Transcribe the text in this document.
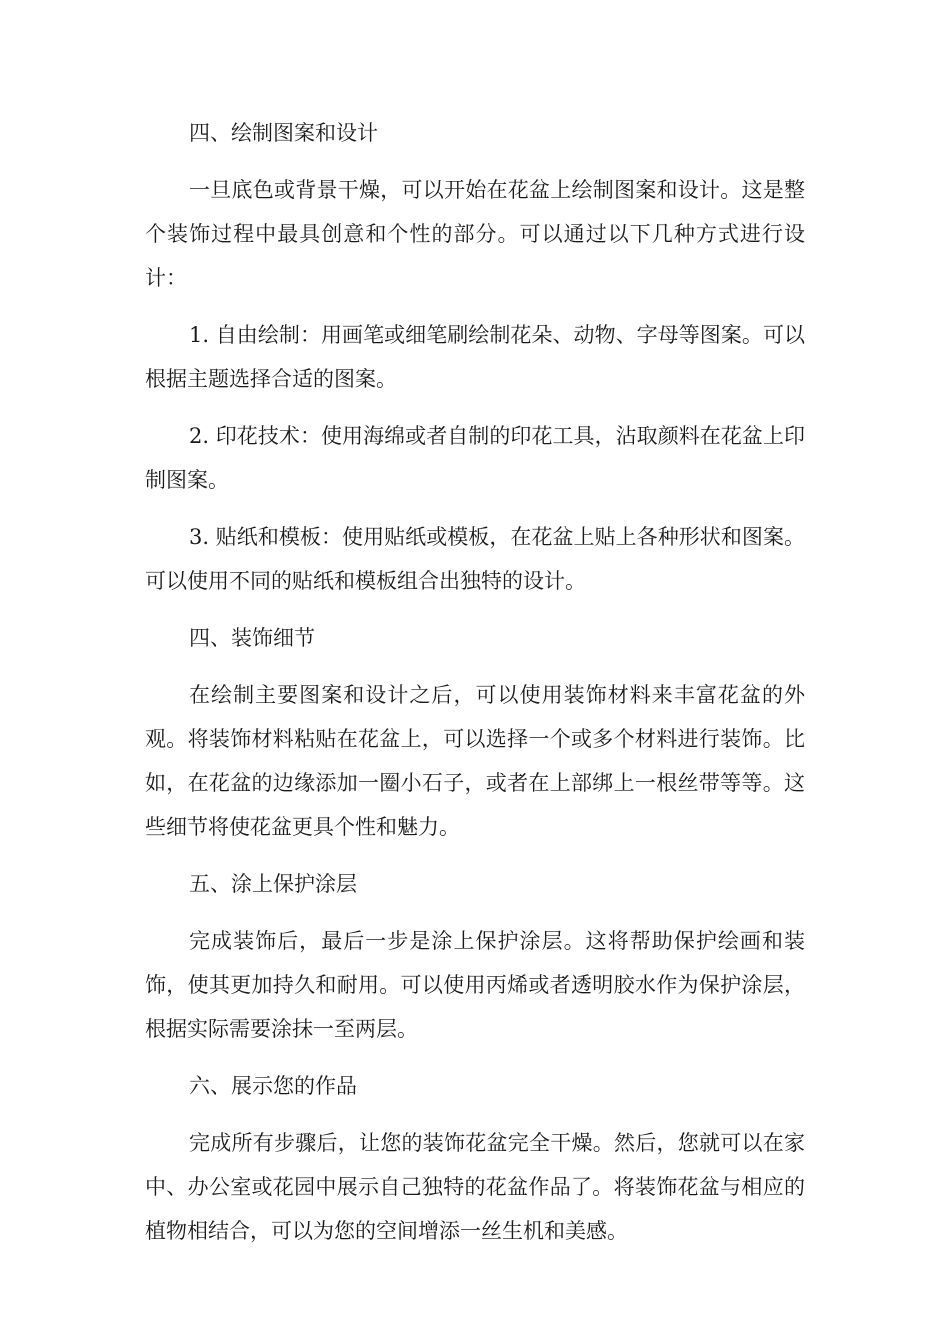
四、绘制图案和设计

一旦底色或背景干燥，可以开始在花盆上绘制图案和设计。这是整个装饰过程中最具创意和个性的部分。可以通过以下几种方式进行设计：

1. 自由绘制：用画笔或细笔刷绘制花朵、动物、字母等图案。可以根据主题选择合适的图案。

2. 印花技术：使用海绵或者自制的印花工具，沾取颜料在花盆上印制图案。

3. 贴纸和模板：使用贴纸或模板，在花盆上贴上各种形状和图案。可以使用不同的贴纸和模板组合出独特的设计。

四、装饰细节

在绘制主要图案和设计之后，可以使用装饰材料来丰富花盆的外观。将装饰材料粘贴在花盆上，可以选择一个或多个材料进行装饰。比如，在花盆的边缘添加一圈小石子，或者在上部绑上一根丝带等等。这些细节将使花盆更具个性和魅力。

五、涂上保护涂层

完成装饰后，最后一步是涂上保护涂层。这将帮助保护绘画和装饰，使其更加持久和耐用。可以使用丙烯或者透明胶水作为保护涂层，根据实际需要涂抹一至两层。

六、展示您的作品

完成所有步骤后，让您的装饰花盆完全干燥。然后，您就可以在家中、办公室或花园中展示自己独特的花盆作品了。将装饰花盆与相应的植物相结合，可以为您的空间增添一丝生机和美感。
